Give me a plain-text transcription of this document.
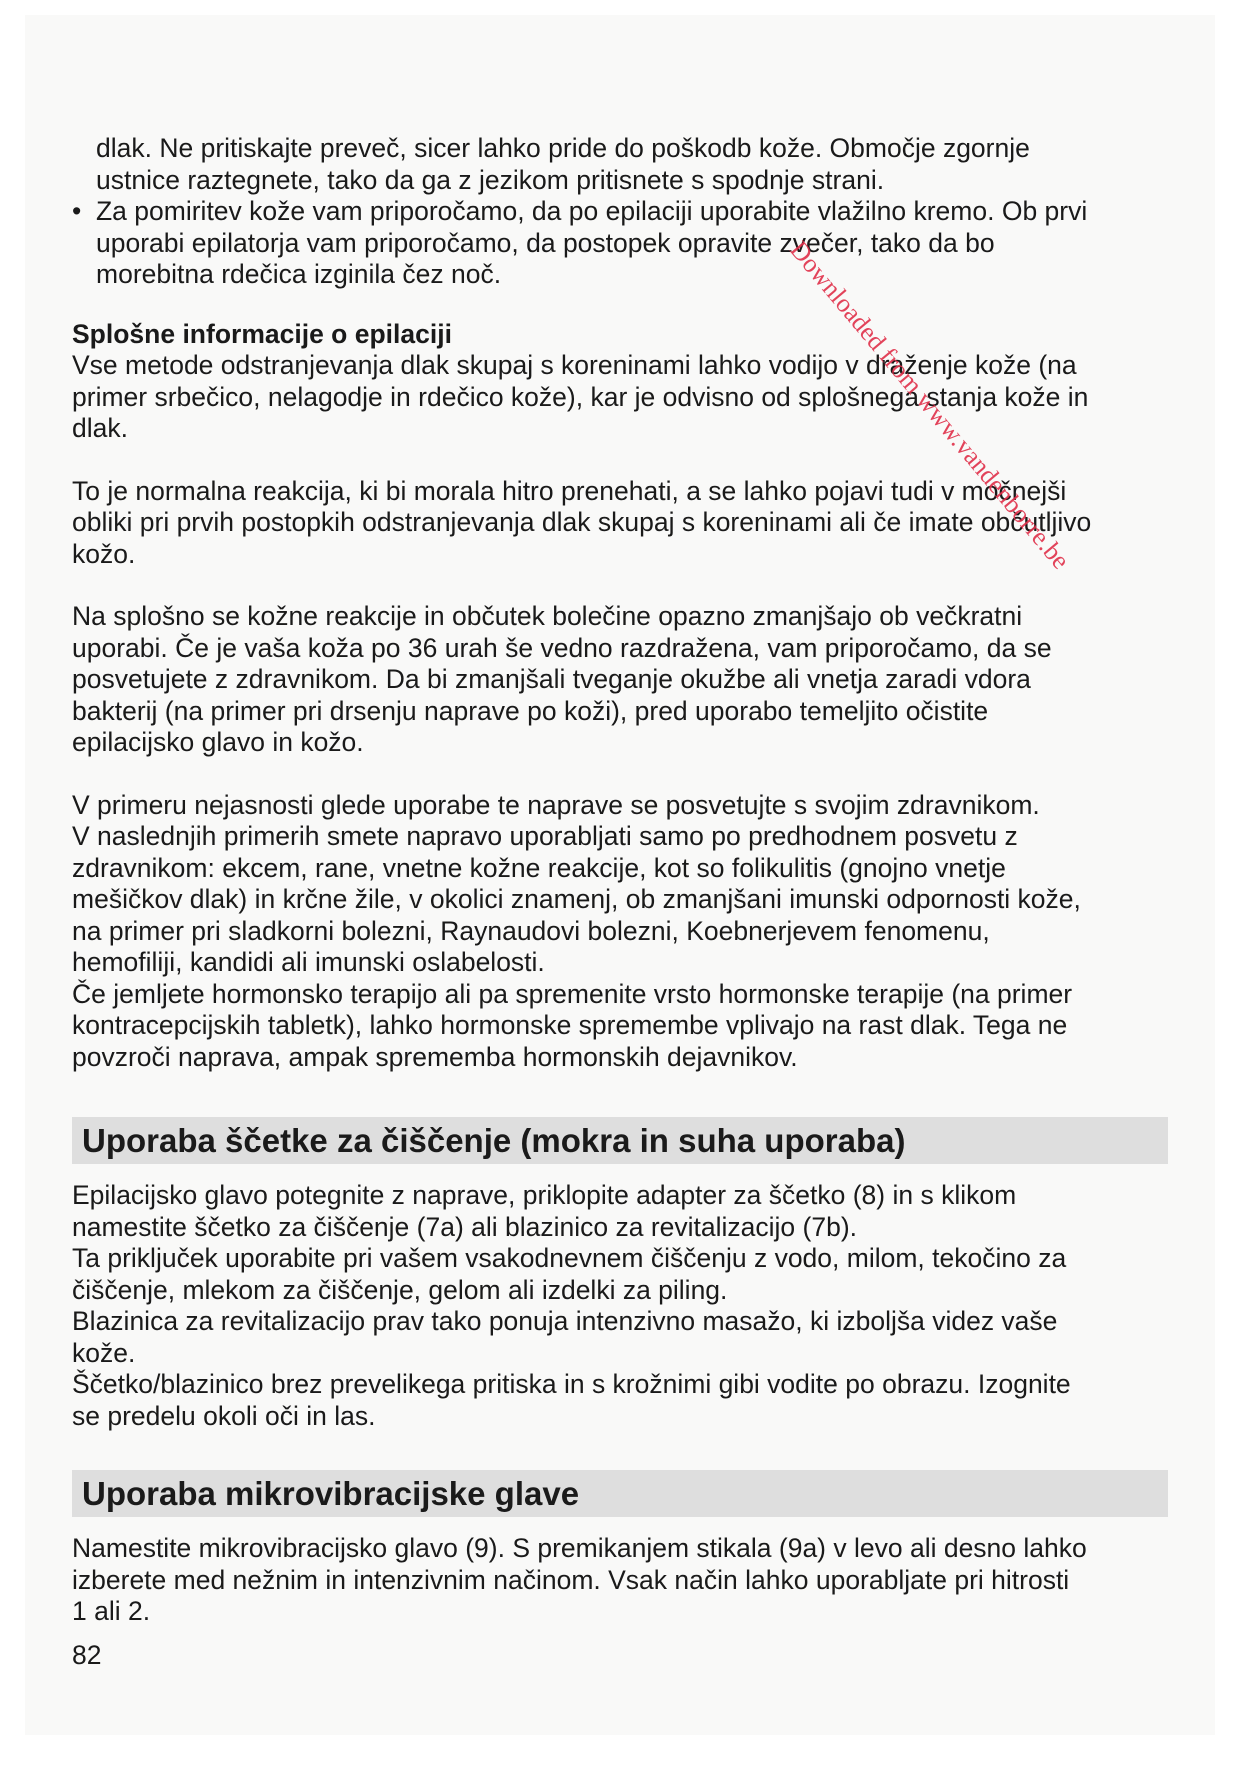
dlak. Ne pritiskajte preveč, sicer lahko pride do poškodb kože. Območje zgornje
ustnice raztegnete, tako da ga z jezikom pritisnete s spodnje strani.
• Za pomiritev kože vam priporočamo, da po epilaciji uporabite vlažilno kremo. Ob prvi
uporabi epilatorja vam priporočamo, da postopek opravite zvečer, tako da bo
morebitna rdečica izginila čez noč.
Splošne informacije o epilaciji
Vse metode odstranjevanja dlak skupaj s koreninami lahko vodijo v draženje kože (na
primer srbečico, nelagodje in rdečico kože), kar je odvisno od splošnega stanja kože in
dlak.
To je normalna reakcija, ki bi morala hitro prenehati, a se lahko pojavi tudi v močnejši
obliki pri prvih postopkih odstranjevanja dlak skupaj s koreninami ali če imate občutljivo
kožo.
Na splošno se kožne reakcije in občutek bolečine opazno zmanjšajo ob večkratni
uporabi. Če je vaša koža po 36 urah še vedno razdražena, vam priporočamo, da se
posvetujete z zdravnikom. Da bi zmanjšali tveganje okužbe ali vnetja zaradi vdora
bakterij (na primer pri drsenju naprave po koži), pred uporabo temeljito očistite
epilacijsko glavo in kožo.
V primeru nejasnosti glede uporabe te naprave se posvetujte s svojim zdravnikom.
V naslednjih primerih smete napravo uporabljati samo po predhodnem posvetu z
zdravnikom: ekcem, rane, vnetne kožne reakcije, kot so folikulitis (gnojno vnetje
mešičkov dlak) in krčne žile, v okolici znamenj, ob zmanjšani imunski odpornosti kože,
na primer pri sladkorni bolezni, Raynaudovi bolezni, Koebnerjevem fenomenu,
hemofiliji, kandidi ali imunski oslabelosti.
Če jemljete hormonsko terapijo ali pa spremenite vrsto hormonske terapije (na primer
kontracepcijskih tabletk), lahko hormonske spremembe vplivajo na rast dlak. Tega ne
povzroči naprava, ampak sprememba hormonskih dejavnikov.
Uporaba ščetke za čiščenje (mokra in suha uporaba)
Epilacijsko glavo potegnite z naprave, priklopite adapter za ščetko (8) in s klikom
namestite ščetko za čiščenje (7a) ali blazinico za revitalizacijo (7b).
Ta priključek uporabite pri vašem vsakodnevnem čiščenju z vodo, milom, tekočino za
čiščenje, mlekom za čiščenje, gelom ali izdelki za piling.
Blazinica za revitalizacijo prav tako ponuja intenzivno masažo, ki izboljša videz vaše
kože.
Ščetko/blazinico brez prevelikega pritiska in s krožnimi gibi vodite po obrazu. Izognite
se predelu okoli oči in las.
Uporaba mikrovibracijske glave
Namestite mikrovibracijsko glavo (9). S premikanjem stikala (9a) v levo ali desno lahko
izberete med nežnim in intenzivnim načinom. Vsak način lahko uporabljate pri hitrosti
1 ali 2.
82
Downloaded from www.vandenborre.be
